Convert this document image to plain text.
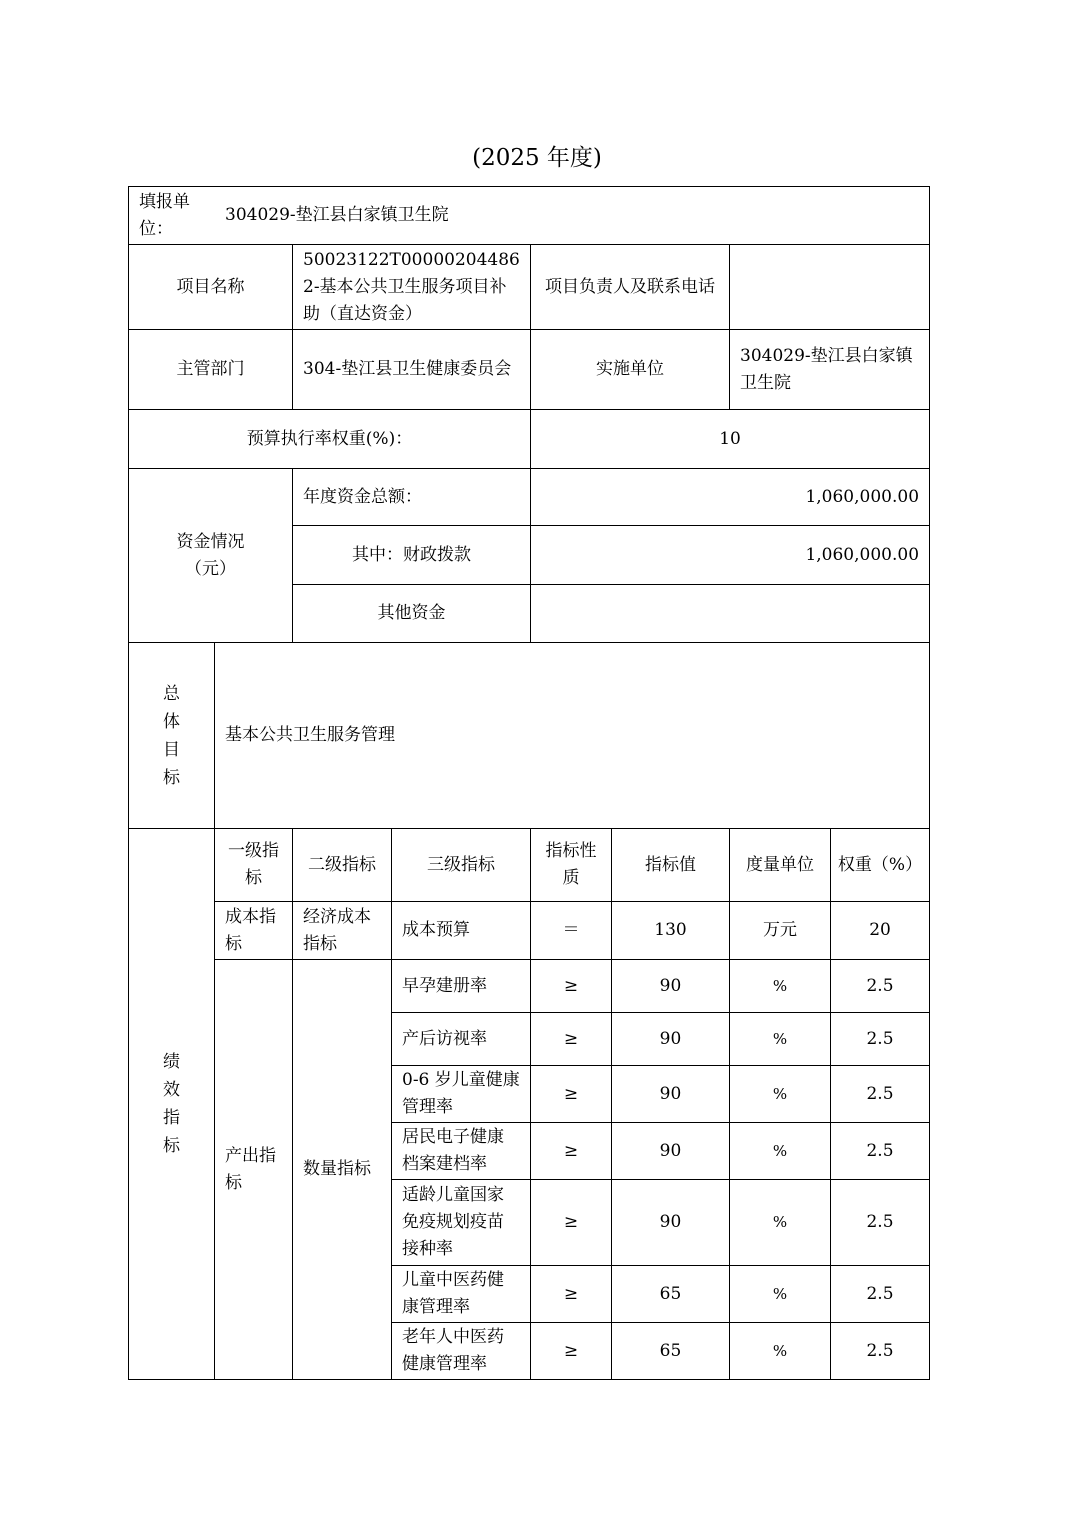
(2025 年度)
填报单位：
304029-垫江县白家镇卫生院							

项目名称		50023122T000002044862-基本公共卫生服务项目补助（直达资金）		项目负责人及联系电话			
主管部门		304-垫江县卫生健康委员会		实施单位		304029-垫江县白家镇卫生院	
预算执行率权重(%)：				10			
资金情况（元）		年度资金总额：		1,060,000.00			
		其中：财政拨款		1,060,000.00			
		其他资金					

总
体
目
标	基本公共卫生服务管理						

绩
效
指
标	一级指标	二级指标	三级指标	指标性质	指标值	度量单位	权重（%）
	成本指标	经济成本指标	成本预算	＝	130	万元	20
	产出指标	数量指标	早孕建册率	≥	90	%	2.5
			产后访视率	≥	90	%	2.5
			0-6 岁儿童健康管理率	≥	90	%	2.5
			居民电子健康档案建档率	≥	90	%	2.5
			适龄儿童国家免疫规划疫苗接种率	≥	90	%	2.5
			儿童中医药健康管理率	≥	65	%	2.5
			老年人中医药健康管理率	≥	65	%	2.5
